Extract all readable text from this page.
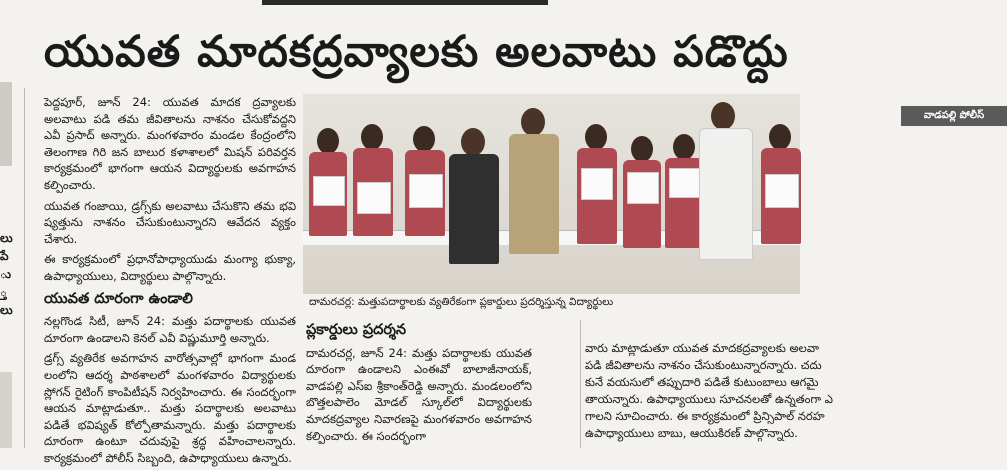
లు
పే
ు
్త
లు
యువత మాదకద్రవ్యాలకు అలవాటు పడొద్దు

పెద్దపూర్, జూన్ 24: యువత మాదక ద్రవ్యాలకు అలవాటు పడి తమ జీవితాలను నాశనం చేసుకోవద్దని ఎవీ ప్రసాద్ అన్నారు. మంగళవారం మండల కేంద్రంలోని తెలంగాణ గిరి జన బాలుర కళాశాలలో మిషన్ పరివర్తన కార్యక్రమంలో భాగంగా ఆయన విద్యార్థులకు అవగాహన కల్పించారు.

యువత గంజాయి, డ్రగ్స్‌కు అలవాటు చేసుకొని తమ భవి ష్యత్తును నాశనం చేసుకుంటున్నారని ఆవేదన వ్యక్తం చేశారు.

ఈ కార్యక్రమంలో ప్రధానోపాధ్యాయుడు మంగ్యా భుక్యా, ఉపాధ్యాయులు, విద్యార్థులు పాల్గొన్నారు.

యువత దూరంగా ఉండాలి

నల్లగొండ సిటీ, జూన్ 24: మత్తు పదార్థాలకు యువత దూరంగా ఉండాలని కెనల్ ఎవీ విష్ణుమూర్తి అన్నారు.

డ్రగ్స్ వ్యతిరేక అవగాహన వారోత్సవాల్లో భాగంగా మండ లంలోని ఆదర్శ పాఠశాలలో మంగళవారం విద్యార్థులకు స్లోగన్ రైటింగ్ కాంపిటీషన్ నిర్వహించారు. ఈ సందర్భంగా ఆయన మాట్లాడుతూ.. మత్తు పదార్థాలకు అలవాటు పడితే భవిష్యత్ కోల్పోతామన్నారు. మత్తు పదార్థాలకు దూరంగా ఉంటూ చదువుపై శ్రద్ధ వహించాలన్నారు. కార్యక్రమంలో పోలీస్ సిబ్బంది, ఉపాధ్యాయులు ఉన్నారు.

వాడపల్లి పోలీస్
దామరచర్ల: మత్తుపదార్థాలకు వ్యతిరేకంగా ప్లకార్డులు ప్రదర్శిస్తున్న విద్యార్థులు
ప్లకార్డులు ప్రదర్శన

దామరచర్ల, జూన్ 24: మత్తు పదార్థాలకు యువత దూరంగా ఉండాలని ఎంఈవో బాలాజీనాయక్, వాడపల్లి ఎస్ఐ శ్రీకాంత్‌రెడ్డి అన్నారు. మండలంలోని బొత్తలపాలెం మోడల్ స్కూల్‌లో విద్యార్థులకు మాదకద్రవ్యాల నివారణపై మంగళవారం అవగాహన కల్పించారు. ఈ సందర్భంగా

వారు మాట్లాడుతూ యువత మాదకద్రవ్యాలకు అలవా

పడి జీవితాలను నాశనం చేసుకుంటున్నారన్నారు. చదు

కునే వయసులో తప్పుదారి పడితే కుటుంబాలు ఆగమై

తాయన్నారు. ఉపాధ్యాయులు సూచనలతో ఉన్నతంగా ఎ

గాలని సూచించారు. ఈ కార్యక్రమంలో ప్రిన్సిపాల్ నరహ

ఉపాధ్యాయులు బాబు, ఆయుకిరణ్ పాల్గొన్నారు.
